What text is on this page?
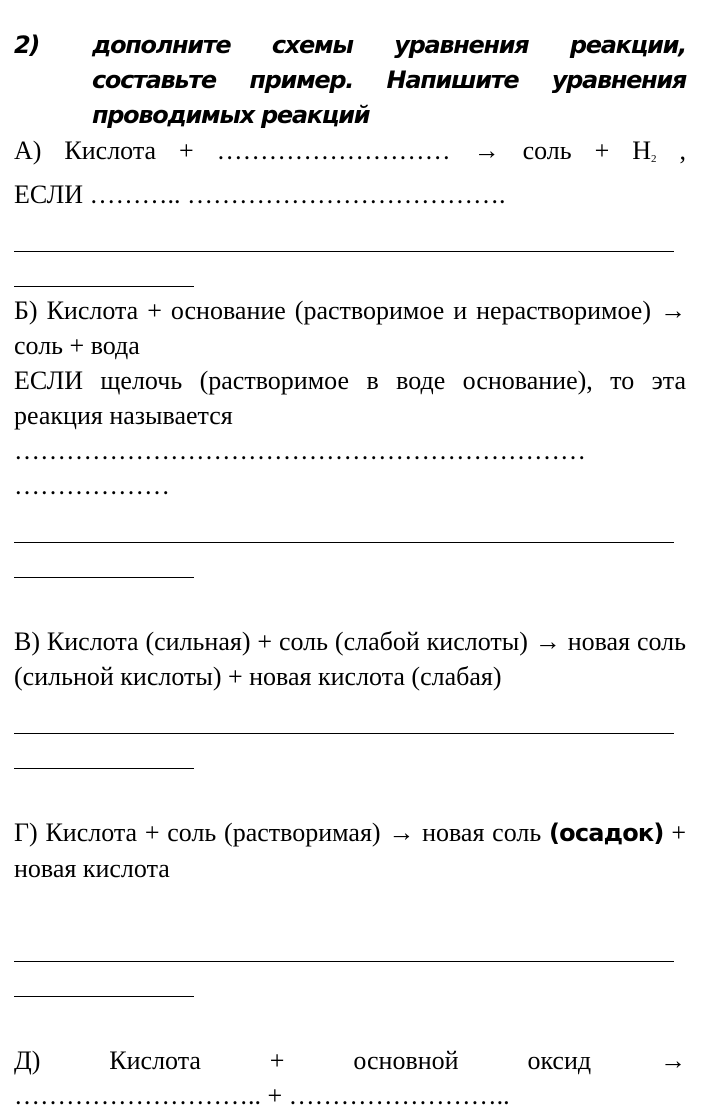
2) дополните схемы уравнения реакции, составьте пример. Напишите уравнения проводимых реакций

А) Кислота + ……………………… → соль + $Н_2$ ,

ЕСЛИ ……….. ……………………………….

Б) Кислота + основание (растворимое и нерастворимое) → соль + вода

ЕСЛИ щелочь (растворимое в воде основание), то эта реакция называется

…………………………………………………………

………………

В) Кислота (сильная) + соль (слабой кислоты) → новая соль (сильной кислоты) + новая кислота (слабая)

Г) Кислота + соль (растворимая) → новая соль (осадок) + новая кислота

Д) Кислота + основной оксид →

……………………….. + ……………………..
